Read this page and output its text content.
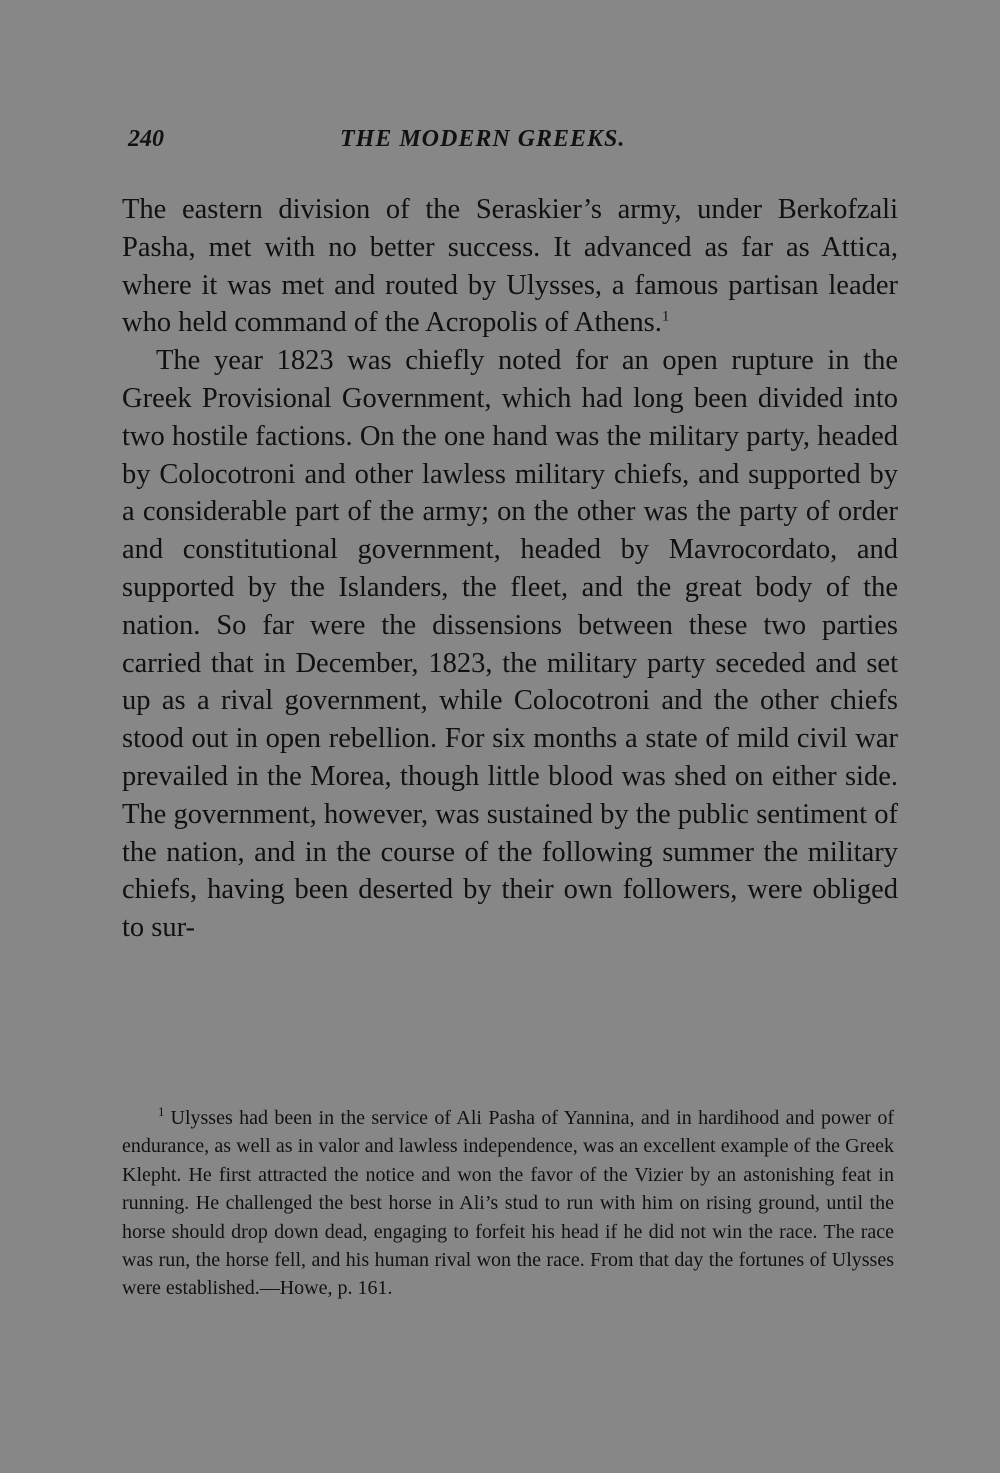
240	THE MODERN GREEKS.

The eastern division of the Seraskier’s army, under Berkofzali Pasha, met with no better success. It advanced as far as Attica, where it was met and routed by Ulysses, a famous partisan leader who held command of the Acropolis of Athens.$^1$

The year 1823 was chiefly noted for an open rupture in the Greek Provisional Government, which had long been divided into two hostile factions. On the one hand was the military party, headed by Colocotroni and other lawless military chiefs, and supported by a considerable part of the army; on the other was the party of order and constitutional government, headed by Mavrocordato, and supported by the Islanders, the fleet, and the great body of the nation. So far were the dissensions between these two parties carried that in December, 1823, the military party seceded and set up as a rival government, while Colocotroni and the other chiefs stood out in open rebellion. For six months a state of mild civil war prevailed in the Morea, though little blood was shed on either side. The government, however, was sustained by the public sentiment of the nation, and in the course of the following summer the military chiefs, having been deserted by their own followers, were obliged to sur-

$^1$ Ulysses had been in the service of Ali Pasha of Yannina, and in hardihood and power of endurance, as well as in valor and lawless independence, was an excellent example of the Greek Klepht. He first attracted the notice and won the favor of the Vizier by an astonishing feat in running. He challenged the best horse in Ali’s stud to run with him on rising ground, until the horse should drop down dead, engaging to forfeit his head if he did not win the race. The race was run, the horse fell, and his human rival won the race. From that day the fortunes of Ulysses were established.—Howe, p. 161.
